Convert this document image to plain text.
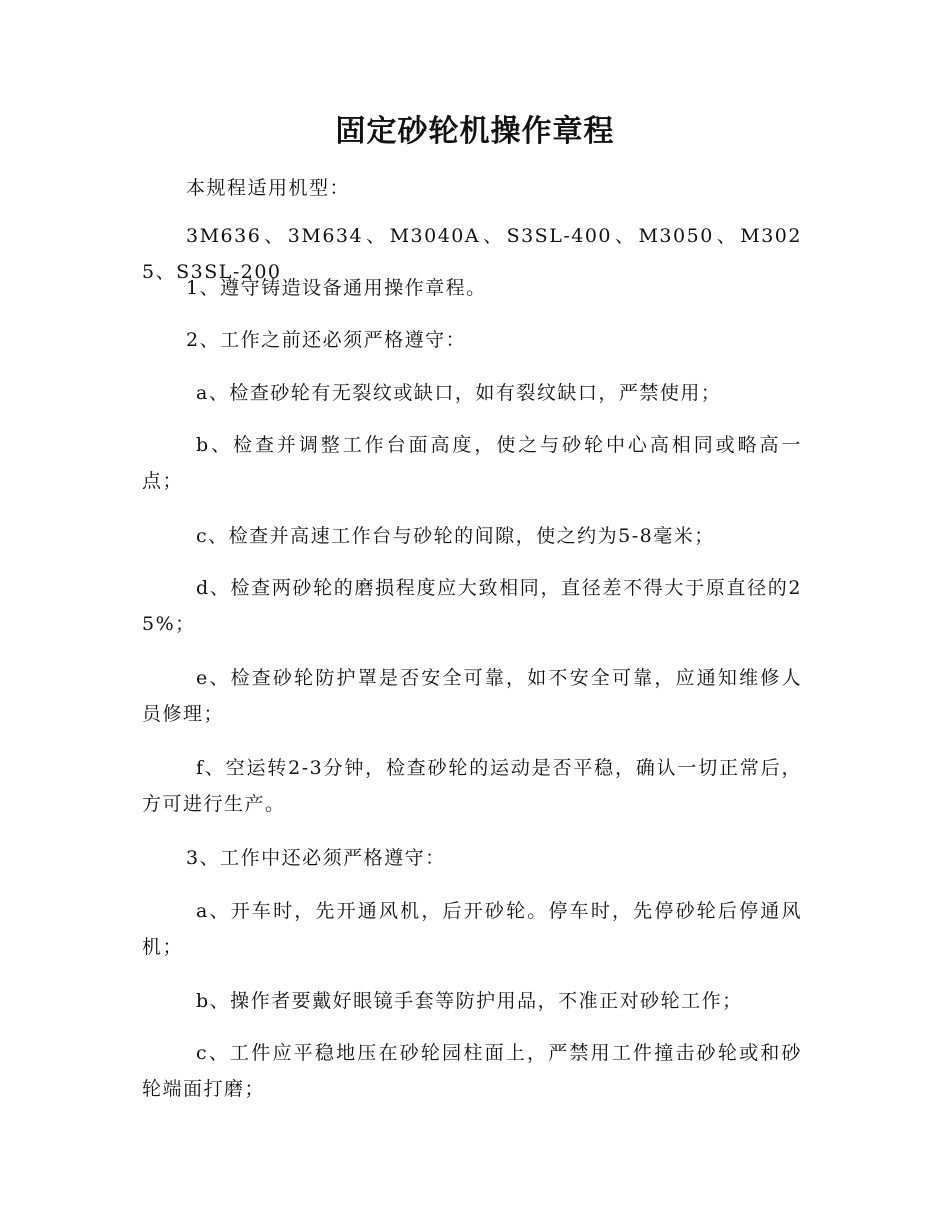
固定砂轮机操作章程

本规程适用机型：

3M636、3M634、M3040A、S3SL-400、M3050、M3025、S3SL-200

1、遵守铸造设备通用操作章程。

2、工作之前还必须严格遵守：

a、检查砂轮有无裂纹或缺口，如有裂纹缺口，严禁使用；

b、检查并调整工作台面高度，使之与砂轮中心高相同或略高一点；

c、检查并高速工作台与砂轮的间隙，使之约为5-8毫米；

d、检查两砂轮的磨损程度应大致相同，直径差不得大于原直径的25%；

e、检查砂轮防护罩是否安全可靠，如不安全可靠，应通知维修人员修理；

f、空运转2-3分钟，检查砂轮的运动是否平稳，确认一切正常后，方可进行生产。

3、工作中还必须严格遵守：

a、开车时，先开通风机，后开砂轮。停车时，先停砂轮后停通风机；

b、操作者要戴好眼镜手套等防护用品，不准正对砂轮工作；

c、工件应平稳地压在砂轮园柱面上，严禁用工件撞击砂轮或和砂轮端面打磨；
